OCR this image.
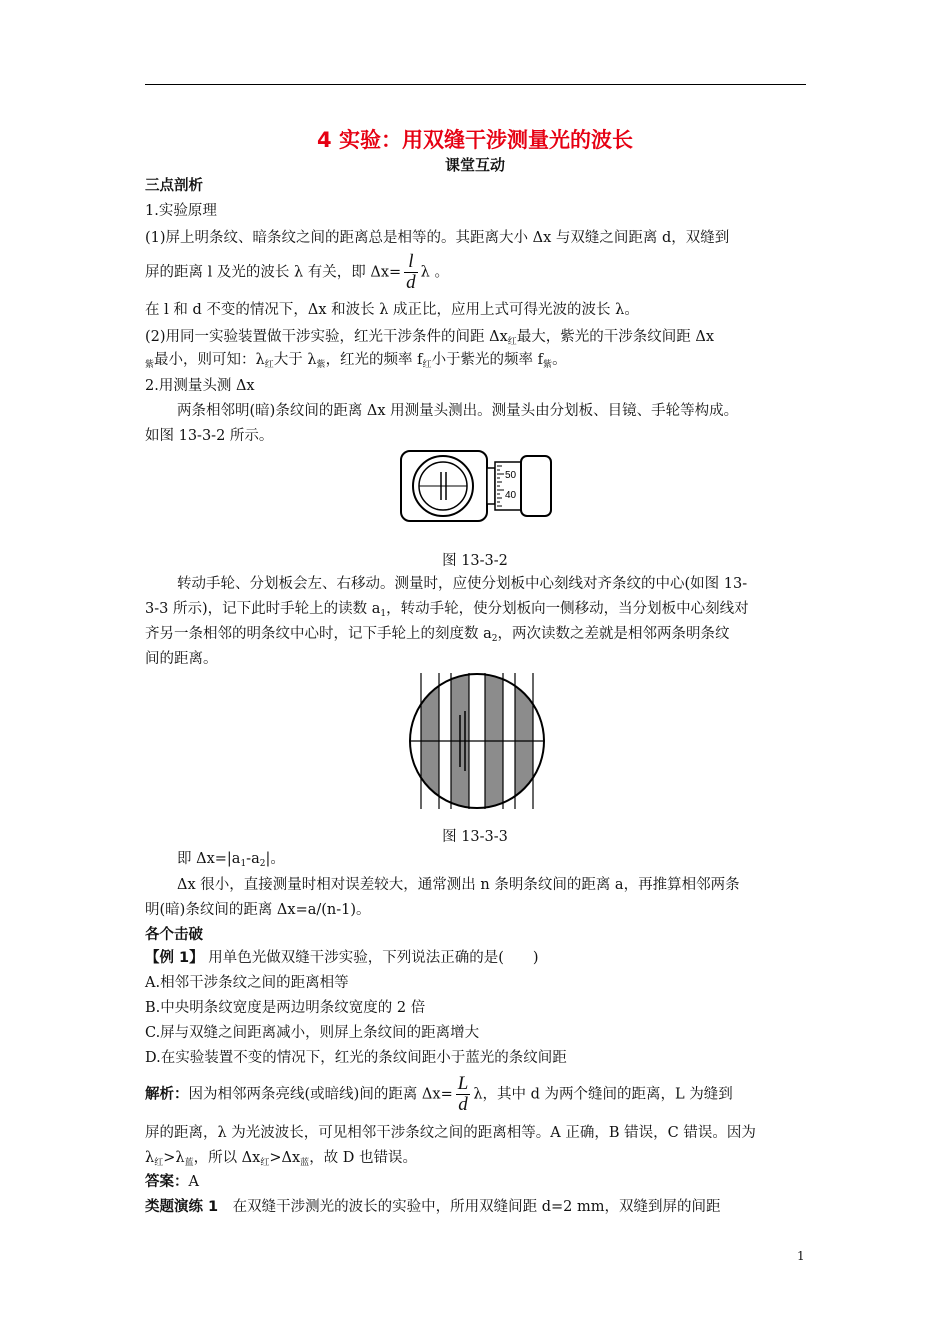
4 实验：用双缝干涉测量光的波长
课堂互动
三点剖析
1.实验原理
(1)屏上明条纹、暗条纹之间的距离总是相等的。其距离大小 Δx 与双缝之间距离 d，双缝到
屏的距离 l 及光的波长 λ 有关，即 $\Delta x= \frac{l}{d}$ λ 。
在 l 和 d 不变的情况下，Δx 和波长 λ 成正比，应用上式可得光波的波长 λ。
(2)用同一实验装置做干涉实验，红光干涉条件的间距 $\Delta x_红$最大，紫光的干涉条纹间距 Δx
$_紫$最小，则可知：$\lambda_红$大于 $\lambda_紫$，红光的频率 $f_红$小于紫光的频率 $f_紫$。
2.用测量头测 Δx
两条相邻明(暗)条纹间的距离 Δx 用测量头测出。测量头由分划板、目镜、手轮等构成。
如图 13-3-2 所示。
50
40
图 13-3-2
转动手轮、分划板会左、右移动。测量时，应使分划板中心刻线对齐条纹的中心(如图 13-
3-3 所示)，记下此时手轮上的读数 $a_1$，转动手轮，使分划板向一侧移动，当分划板中心刻线对
齐另一条相邻的明条纹中心时，记下手轮上的刻度数 $a_2$，两次读数之差就是相邻两条明条纹
间的距离。
图 13-3-3
即 $\Delta x=|a_1-a_2|$。
Δx 很小，直接测量时相对误差较大，通常测出 n 条明条纹间的距离 a，再推算相邻两条
明(暗)条纹间的距离 Δx=a/(n-1)。
各个击破
【例 1】 用单色光做双缝干涉实验，下列说法正确的是(　　)
A.相邻干涉条纹之间的距离相等
B.中央明条纹宽度是两边明条纹宽度的 2 倍
C.屏与双缝之间距离减小，则屏上条纹间的距离增大
D.在实验装置不变的情况下，红光的条纹间距小于蓝光的条纹间距
解析：因为相邻两条亮线(或暗线)间的距离 $\Delta x= \frac{L}{d}$ λ，其中 d 为两个缝间的距离，L 为缝到
屏的距离，λ 为光波波长，可见相邻干涉条纹之间的距离相等。A 正确，B 错误，C 错误。因为
$\lambda_红>\lambda_蓝$，所以 $\Delta x_红>\Delta x_蓝$，故 D 也错误。
答案：A
类题演练 1　在双缝干涉测光的波长的实验中，所用双缝间距 d=2 mm，双缝到屏的间距
1
